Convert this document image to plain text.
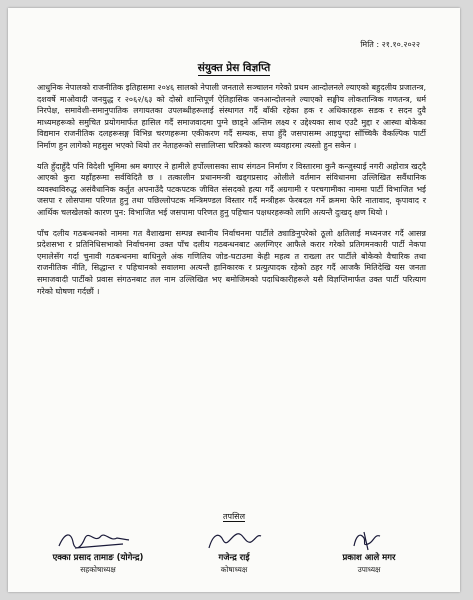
मिति : २१.१०.२०२२
संयुक्त प्रेस विज्ञप्ति

आधुनिक नेपालको राजनीतिक इतिहासमा २०४६ सालको नेपाली जनताले सञ्चालन गरेको प्रथम आन्दोलनले ल्याएको बहुदलीय प्रजातन्त्र, दशवर्षे माओवादी जनयुद्ध र २०६२/६३ को दोस्रो शान्तिपूर्ण ऐतिहासिक जनआन्दोलनले ल्याएको सङ्घीय लोकतान्त्रिक गणतन्त्र, धर्म निरपेक्ष, समावेशी-समानुपातिक लगायतका उपलब्धीहरूलाई संस्थागत गर्दै बाँकी रहेका हक र अधिकारहरू सडक र सदन दुवै माध्यमहरूको समुचित प्रयोगमार्फत हासिल गर्दै समाजवादमा पुग्ने छाड्ने अन्तिम लक्ष्य र उद्देश्यका साथ एउटै मुद्दा र आस्था बोकेका विद्यमान राजनीतिक दलहरूसङ्ग विभिन्न चरणहरूमा एकीकरण गर्दै सम्यक, सपा हुँदै जसपासम्म आइपुग्दा साँच्चिकै वैकल्पिक पार्टी निर्माण हुन लागेको महसुस भएको थियो तर नेताहरूको सत्तालिप्सा चरित्रको कारण व्यवहारमा त्यस्तो हुन सकेन ।

यति हुँदाहुँदै पनि विदेशी भूमिमा श्रम बगाएर ने हामीले हर्पोल्लासका साथ संगठन निर्माण र विस्तारमा कुनै कन्जुस्याई नगरी अहोरात्र खट्दै आएको कुरा यहाँहरूमा सर्वविदितै छ । तत्कालीन प्रधानमन्त्री खड्गप्रसाद ओलीले वर्तमान संविधानमा उल्लिखित सर्वैधानिक व्यवस्थाविरुद्ध असंवैधानिक कर्तुत अपनाउँदै पटकपटक जीवित संसदको हत्या गर्दै अग्रगामी र परचगामीका नाममा पार्टी विभाजित भई जसपा र लोसपामा परिणत हुनु तथा पछिल्लोपटक मन्त्रिमण्डल विस्तार गर्दै मन्त्रीहरू फेरबदल गर्ने क्रममा फेरि नातावाद, कृपावाद र आर्थिक चलखेलको कारण पुन: विभाजित भई जसपामा परिणत हुनु पहिचान पक्षधरहरूको लागि अत्यन्तै दुःखद् क्षण थियो ।

पाँच दलीय गठबन्धनको नाममा गत वैशाखमा सम्पन्न स्थानीय निर्वाचनमा पार्टीले ठ्याङिनुपरेको ठूलो क्षतिलाई मध्यनजर गर्दै आसन्न प्रदेशसभा र प्रतिनिधिसभाको निर्वाचनमा उक्त पाँच दलीय गठबन्धनबाट अलग्गिएर आफैले करार गरेको प्रतिगमनकारी पार्टी नेकपा एमालेसँग गर्दा चुनावी गठबन्धनमा बाधिनुले अंक गणितिय जोड-घटाउमा केही महत्व त राख्ला तर पार्टीले बोकेको वैचारिक तथा राजनीतिक नीति, सिद्धान्त र पहिचानको सवालमा अत्यन्तै हानिकारक र प्रत्युत्पादक रहेको ठहर गर्दै आजकै मितिदेखि यस जनता समाजवादी पार्टीको प्रवास संगठनबाट तल नाम उल्लिखित भए बमोजिमको पदाधिकारीहरूले यसै विज्ञप्तिमार्फत उक्त पार्टी परित्याग गरेको घोषणा गर्दछौं ।

तपसिल
एक्का प्रसाद तामाङ (योगेन्द्र)
सहकोषाध्यक्ष
गजेन्द्र राई
कोषाध्यक्ष
प्रकाश आले मगर
उपाध्यक्ष
